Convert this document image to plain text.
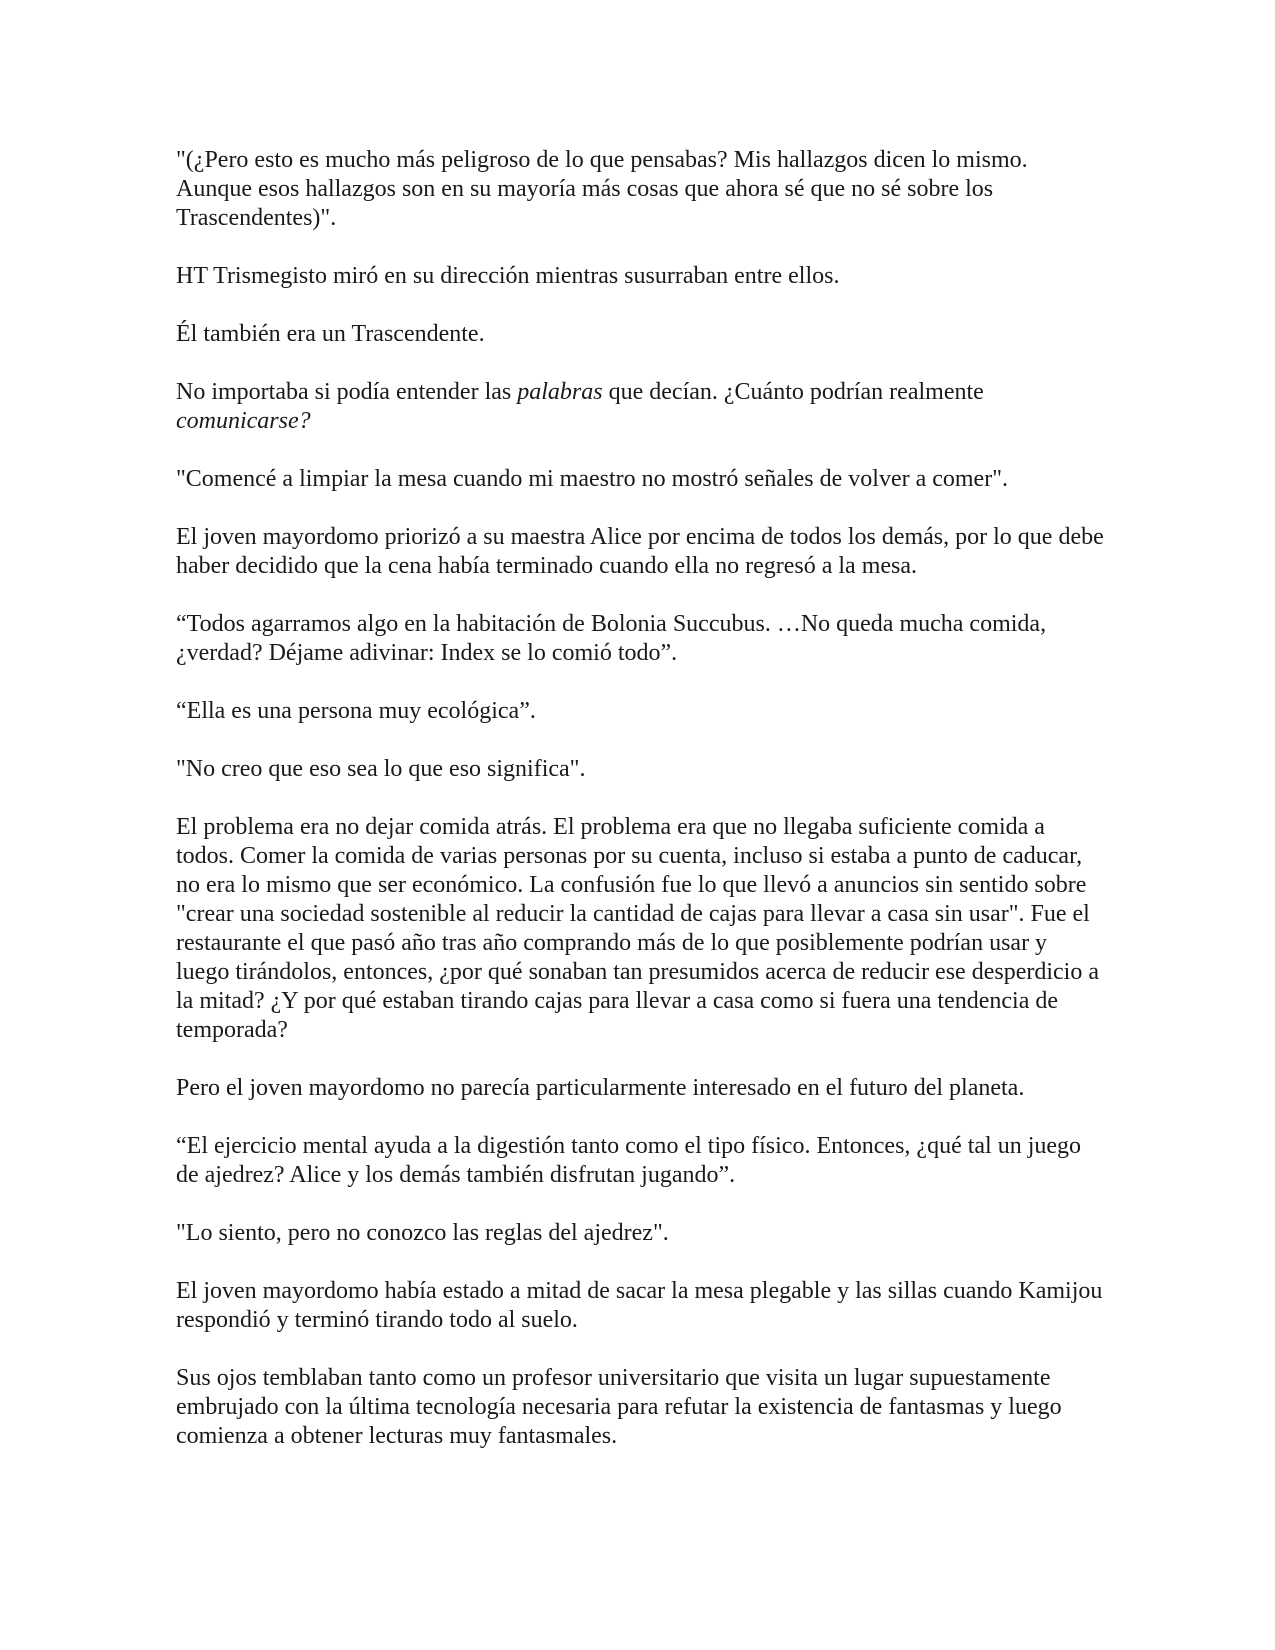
"(¿Pero esto es mucho más peligroso de lo que pensabas? Mis hallazgos dicen lo mismo. Aunque esos hallazgos son en su mayoría más cosas que ahora sé que no sé sobre los Trascendentes)".

HT Trismegisto miró en su dirección mientras susurraban entre ellos.

Él también era un Trascendente.

No importaba si podía entender las palabras que decían. ¿Cuánto podrían realmente comunicarse?

"Comencé a limpiar la mesa cuando mi maestro no mostró señales de volver a comer".

El joven mayordomo priorizó a su maestra Alice por encima de todos los demás, por lo que debe haber decidido que la cena había terminado cuando ella no regresó a la mesa.

“Todos agarramos algo en la habitación de Bolonia Succubus. …No queda mucha comida, ¿verdad? Déjame adivinar: Index se lo comió todo”.

“Ella es una persona muy ecológica”.

"No creo que eso sea lo que eso significa".

El problema era no dejar comida atrás. El problema era que no llegaba suficiente comida a todos. Comer la comida de varias personas por su cuenta, incluso si estaba a punto de caducar, no era lo mismo que ser económico. La confusión fue lo que llevó a anuncios sin sentido sobre "crear una sociedad sostenible al reducir la cantidad de cajas para llevar a casa sin usar". Fue el restaurante el que pasó año tras año comprando más de lo que posiblemente podrían usar y luego tirándolos, entonces, ¿por qué sonaban tan presumidos acerca de reducir ese desperdicio a la mitad? ¿Y por qué estaban tirando cajas para llevar a casa como si fuera una tendencia de temporada?

Pero el joven mayordomo no parecía particularmente interesado en el futuro del planeta.

“El ejercicio mental ayuda a la digestión tanto como el tipo físico. Entonces, ¿qué tal un juego de ajedrez? Alice y los demás también disfrutan jugando”.

"Lo siento, pero no conozco las reglas del ajedrez".

El joven mayordomo había estado a mitad de sacar la mesa plegable y las sillas cuando Kamijou respondió y terminó tirando todo al suelo.

Sus ojos temblaban tanto como un profesor universitario que visita un lugar supuestamente embrujado con la última tecnología necesaria para refutar la existencia de fantasmas y luego comienza a obtener lecturas muy fantasmales.
